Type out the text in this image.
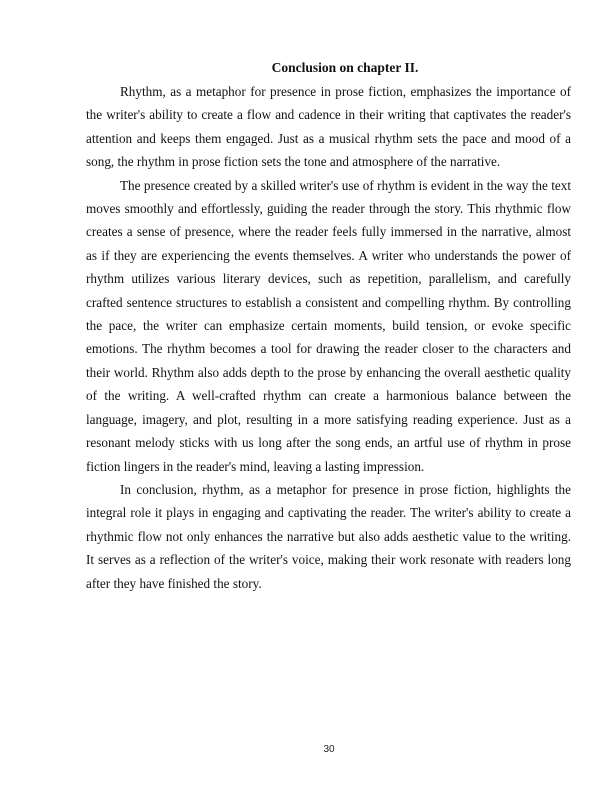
Conclusion on chapter II.

Rhythm, as a metaphor for presence in prose fiction, emphasizes the importance of the writer's ability to create a flow and cadence in their writing that captivates the reader's attention and keeps them engaged. Just as a musical rhythm sets the pace and mood of a song, the rhythm in prose fiction sets the tone and atmosphere of the narrative.

The presence created by a skilled writer's use of rhythm is evident in the way the text moves smoothly and effortlessly, guiding the reader through the story. This rhythmic flow creates a sense of presence, where the reader feels fully immersed in the narrative, almost as if they are experiencing the events themselves. A writer who understands the power of rhythm utilizes various literary devices, such as repetition, parallelism, and carefully crafted sentence structures to establish a consistent and compelling rhythm. By controlling the pace, the writer can emphasize certain moments, build tension, or evoke specific emotions. The rhythm becomes a tool for drawing the reader closer to the characters and their world. Rhythm also adds depth to the prose by enhancing the overall aesthetic quality of the writing. A well-crafted rhythm can create a harmonious balance between the language, imagery, and plot, resulting in a more satisfying reading experience. Just as a resonant melody sticks with us long after the song ends, an artful use of rhythm in prose fiction lingers in the reader's mind, leaving a lasting impression.

In conclusion, rhythm, as a metaphor for presence in prose fiction, highlights the integral role it plays in engaging and captivating the reader. The writer's ability to create a rhythmic flow not only enhances the narrative but also adds aesthetic value to the writing. It serves as a reflection of the writer's voice, making their work resonate with readers long after they have finished the story.

30
